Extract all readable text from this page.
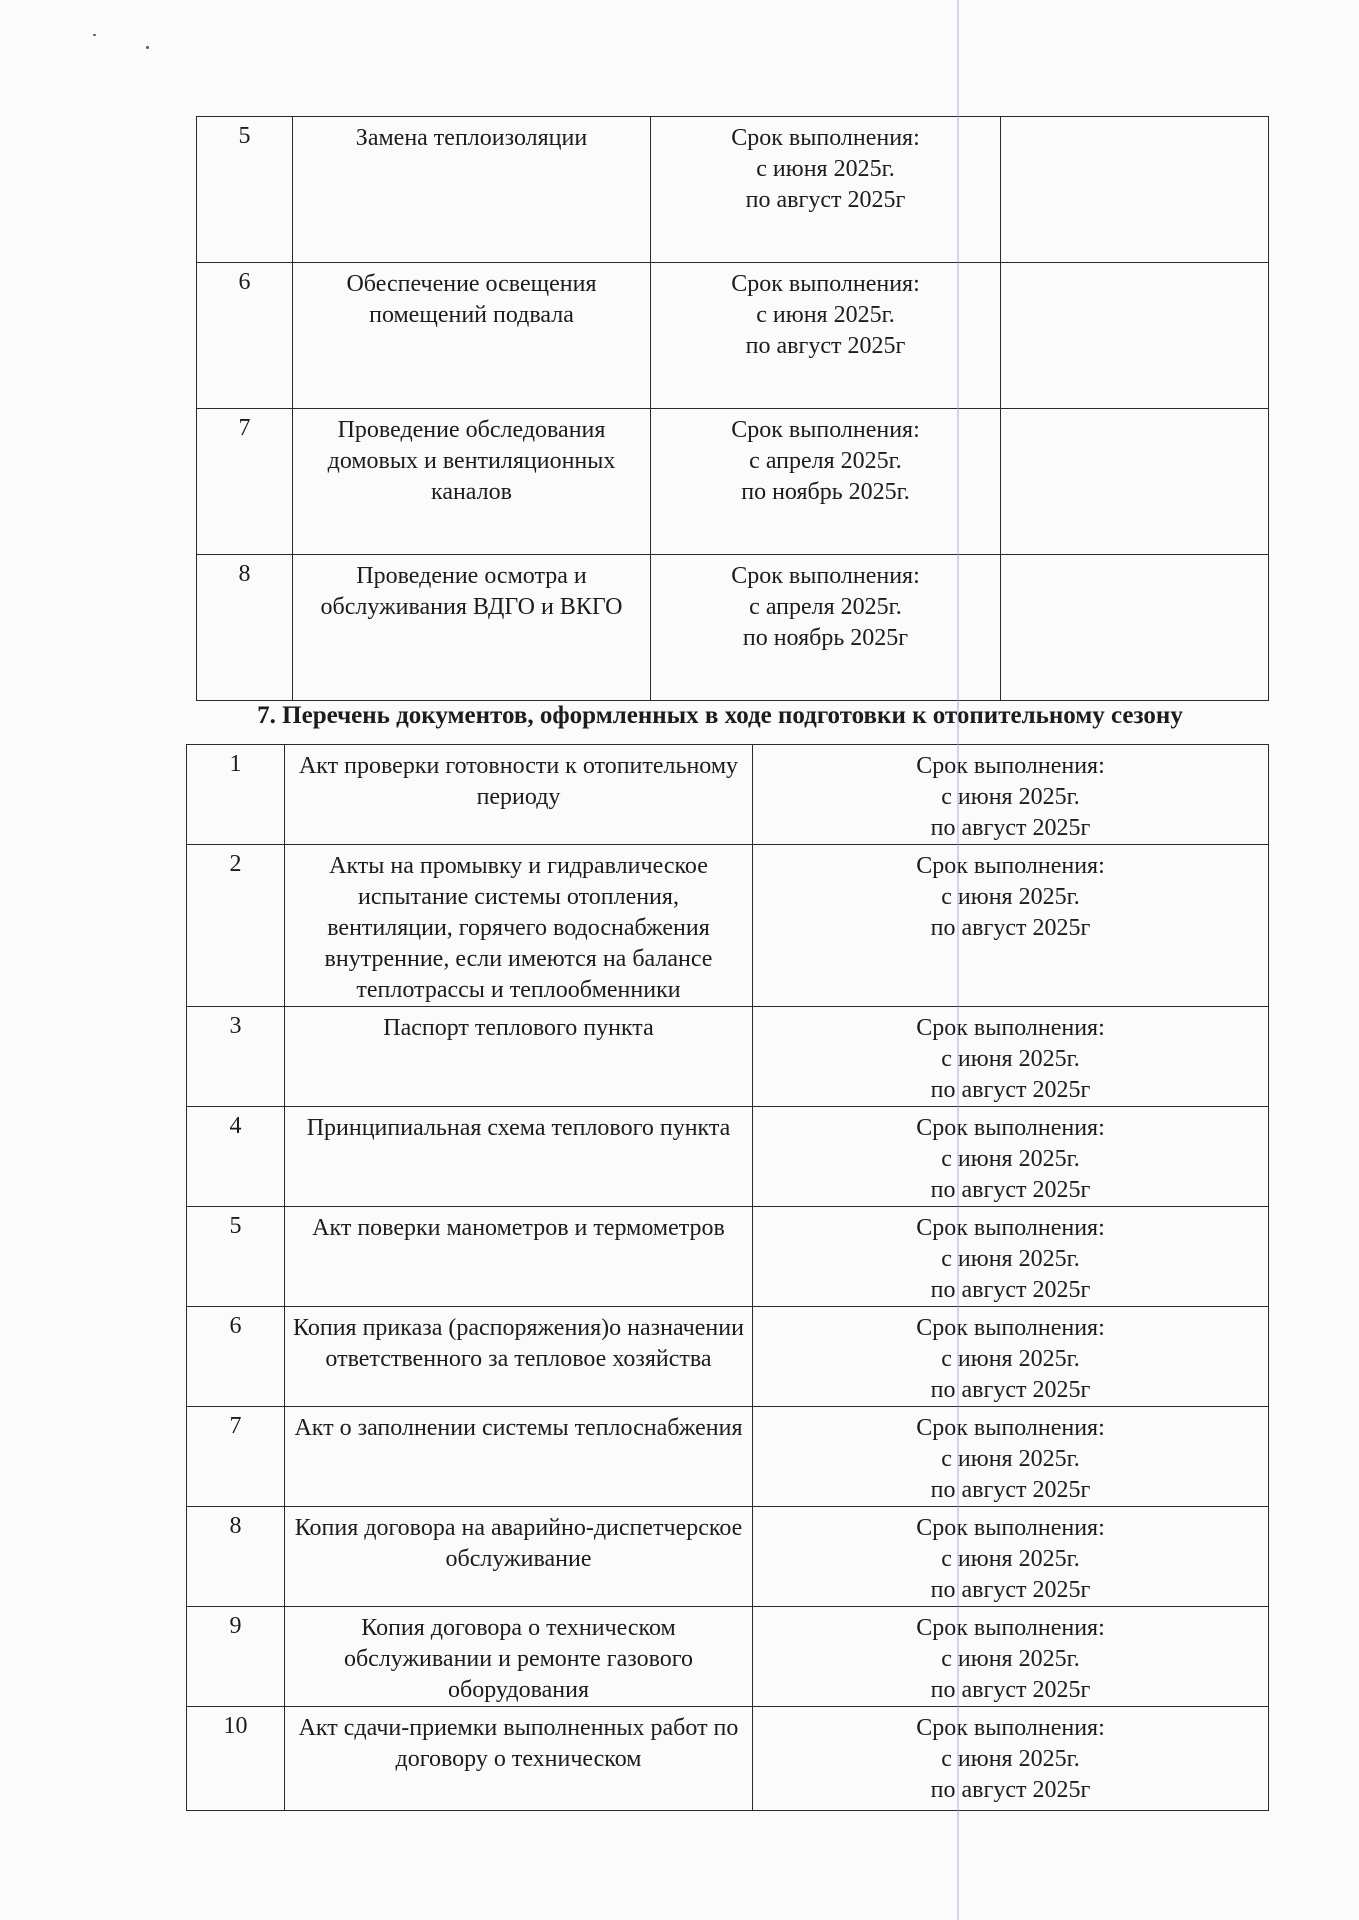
5	Замена теплоизоляции	Срок выполнения:
с июня 2025г.
по август 2025г	
6	Обеспечение освещения помещений подвала	Срок выполнения:
с июня 2025г.
по август 2025г	
7	Проведение обследования домовых и вентиляционных каналов	Срок выполнения:
с апреля 2025г.
по ноябрь 2025г.	
8	Проведение осмотра и обслуживания ВДГО и ВКГО	Срок выполнения:
с апреля 2025г.
по ноябрь 2025г	
7. Перечень документов, оформленных в ходе подготовки к отопительному сезону
1	Акт проверки готовности к отопительному периоду	Срок выполнения:
с июня 2025г.
по август 2025г
2	Акты на промывку и гидравлическое испытание системы отопления, вентиляции, горячего водоснабжения внутренние, если имеются на балансе теплотрассы и теплообменники	Срок выполнения:
с июня 2025г.
по август 2025г
3	Паспорт теплового пункта	Срок выполнения:
с июня 2025г.
по август 2025г
4	Принципиальная схема теплового пункта	Срок выполнения:
с июня 2025г.
по август 2025г
5	Акт поверки манометров и термометров	Срок выполнения:
с июня 2025г.
по август 2025г
6	Копия приказа (распоряжения)о назначении ответственного за тепловое хозяйства	Срок выполнения:
с июня 2025г.
по август 2025г
7	Акт о заполнении системы теплоснабжения	Срок выполнения:
с июня 2025г.
по август 2025г
8	Копия договора на аварийно-диспетчерское обслуживание	Срок выполнения:
с июня 2025г.
по август 2025г
9	Копия договора о техническом обслуживании и ремонте газового оборудования	Срок выполнения:
с июня 2025г.
по август 2025г
10	Акт сдачи-приемки выполненных работ по договору о техническом	Срок выполнения:
с июня 2025г.
по август 2025г
